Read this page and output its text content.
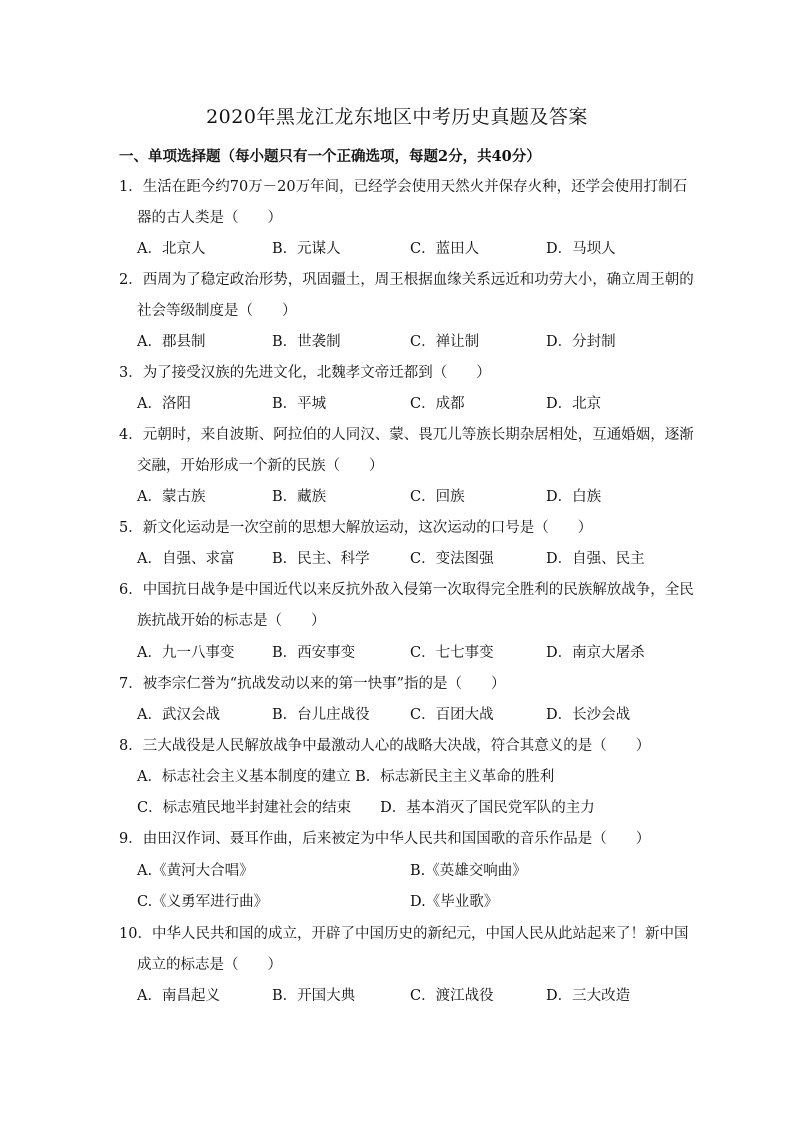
2020年黑龙江龙东地区中考历史真题及答案
一、单项选择题（每小题只有一个正确选项，每题2分，共40分）
1．生活在距今约70万－20万年间，已经学会使用天然火并保存火种，还学会使用打制石
器的古人类是（　　）
A．北京人	B．元谋人	C．蓝田人	D．马坝人
2．西周为了稳定政治形势，巩固疆土，周王根据血缘关系远近和功劳大小，确立周王朝的
社会等级制度是（　　）
A．郡县制	B．世袭制	C．禅让制	D．分封制
3．为了接受汉族的先进文化，北魏孝文帝迁都到（　　）
A．洛阳	B．平城	C．成都	D．北京
4．元朝时，来自波斯、阿拉伯的人同汉、蒙、畏兀儿等族长期杂居相处，互通婚姻，逐渐
交融，开始形成一个新的民族（　　）
A．蒙古族	B．藏族	C．回族	D．白族
5．新文化运动是一次空前的思想大解放运动，这次运动的口号是（　　）
A．自强、求富	B．民主、科学	C．变法图强	D．自强、民主
6．中国抗日战争是中国近代以来反抗外敌入侵第一次取得完全胜利的民族解放战争，全民
族抗战开始的标志是（　　）
A．九一八事变	B．西安事变	C．七七事变	D．南京大屠杀
7．被李宗仁誉为“抗战发动以来的第一快事”指的是（　　）
A．武汉会战	B．台儿庄战役	C．百团大战	D．长沙会战
8．三大战役是人民解放战争中最激动人心的战略大决战，符合其意义的是（　　）
A．标志社会主义基本制度的建立 B．标志新民主主义革命的胜利
C．标志殖民地半封建社会的结束　　D．基本消灭了国民党军队的主力
9．由田汉作词、聂耳作曲，后来被定为中华人民共和国国歌的音乐作品是（　　）
A.《黄河大合唱》	B.《英雄交响曲》
C.《义勇军进行曲》	D.《毕业歌》
10．中华人民共和国的成立，开辟了中国历史的新纪元，中国人民从此站起来了！新中国
成立的标志是（　　）
A．南昌起义	B．开国大典	C．渡江战役	D．三大改造
